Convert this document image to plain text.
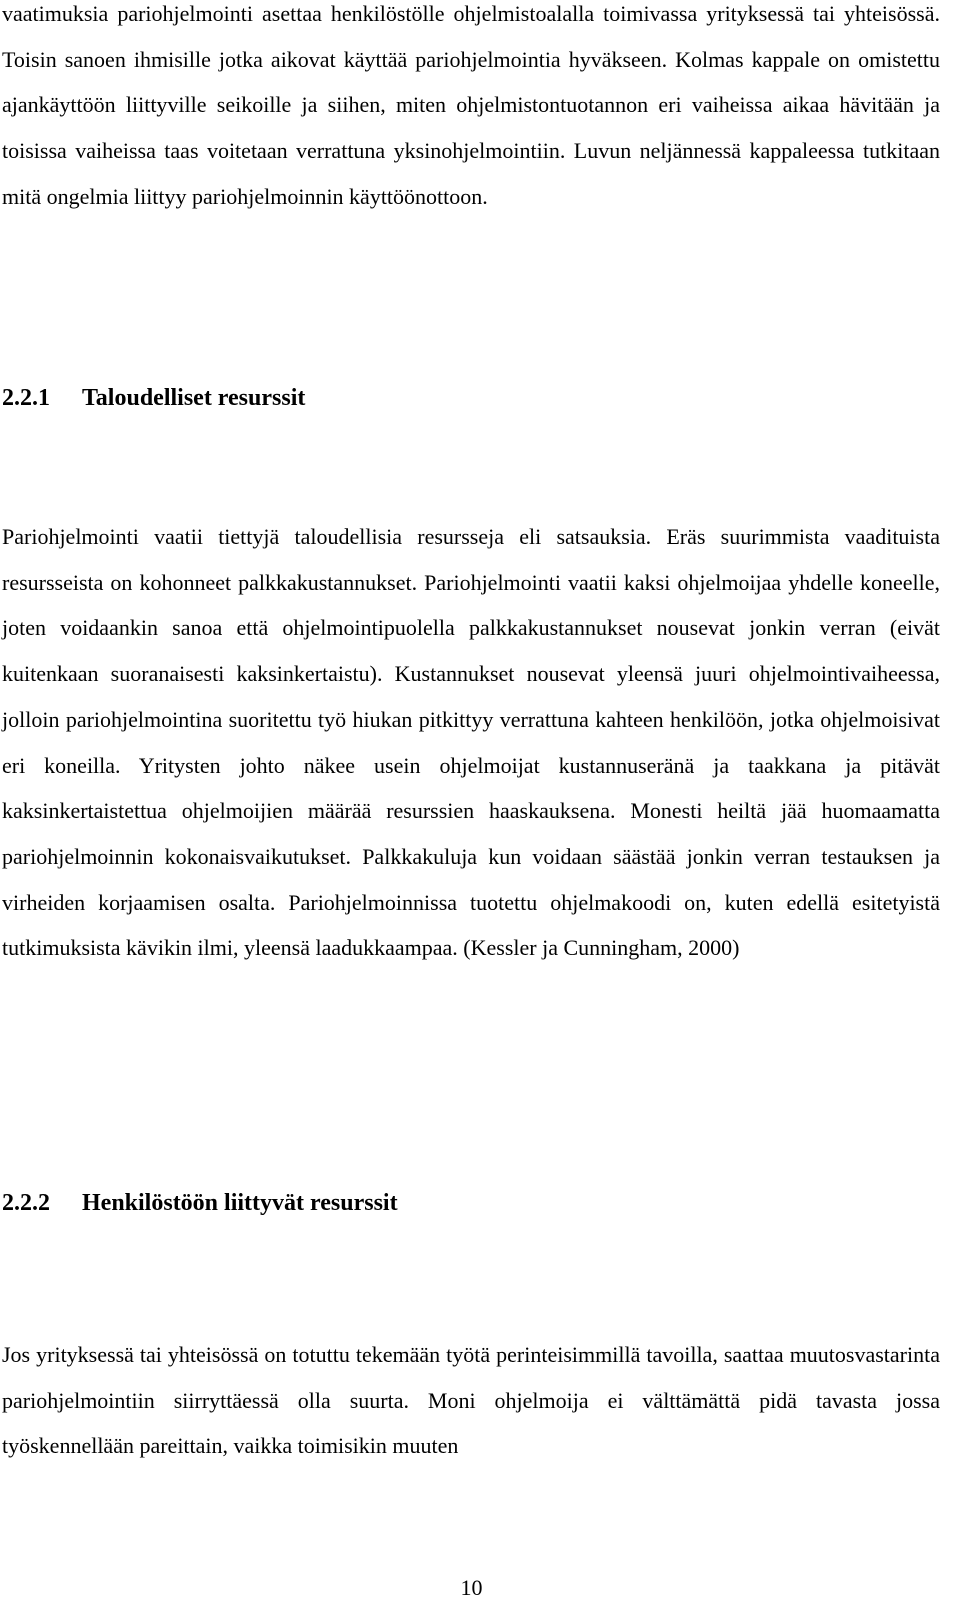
vaatimuksia pariohjelmointi asettaa henkilöstölle ohjelmistoalalla toimivassa yrityksessä tai yhteisössä. Toisin sanoen ihmisille jotka aikovat käyttää pariohjelmointia hyväkseen. Kolmas kappale on omistettu ajankäyttöön liittyville seikoille ja siihen, miten ohjelmistontuotannon eri vaiheissa aikaa hävitään ja toisissa vaiheissa taas voitetaan verrattuna yksinohjelmointiin. Luvun neljännessä kappaleessa tutkitaan mitä ongelmia liittyy pariohjelmoinnin käyttöönottoon.

2.2.1 Taloudelliset resurssit

Pariohjelmointi vaatii tiettyjä taloudellisia resursseja eli satsauksia. Eräs suurimmista vaadituista resursseista on kohonneet palkkakustannukset. Pariohjelmointi vaatii kaksi ohjelmoijaa yhdelle koneelle, joten voidaankin sanoa että ohjelmointipuolella palkkakustannukset nousevat jonkin verran (eivät kuitenkaan suoranaisesti kaksinkertaistu). Kustannukset nousevat yleensä juuri ohjelmointivaiheessa, jolloin pariohjelmointina suoritettu työ hiukan pitkittyy verrattuna kahteen henkilöön, jotka ohjelmoisivat eri koneilla. Yritysten johto näkee usein ohjelmoijat kustannuseränä ja taakkana ja pitävät kaksinkertaistettua ohjelmoijien määrää resurssien haaskauksena. Monesti heiltä jää huomaamatta pariohjelmoinnin kokonaisvaikutukset. Palkkakuluja kun voidaan säästää jonkin verran testauksen ja virheiden korjaamisen osalta. Pariohjelmoinnissa tuotettu ohjelmakoodi on, kuten edellä esitetyistä tutkimuksista kävikin ilmi, yleensä laadukkaampaa. (Kessler ja Cunningham, 2000)

2.2.2 Henkilöstöön liittyvät resurssit

Jos yrityksessä tai yhteisössä on totuttu tekemään työtä perinteisimmillä tavoilla, saattaa muutosvastarinta pariohjelmointiin siirryttäessä olla suurta. Moni ohjelmoija ei välttämättä pidä tavasta jossa työskennellään pareittain, vaikka toimisikin muuten

10
